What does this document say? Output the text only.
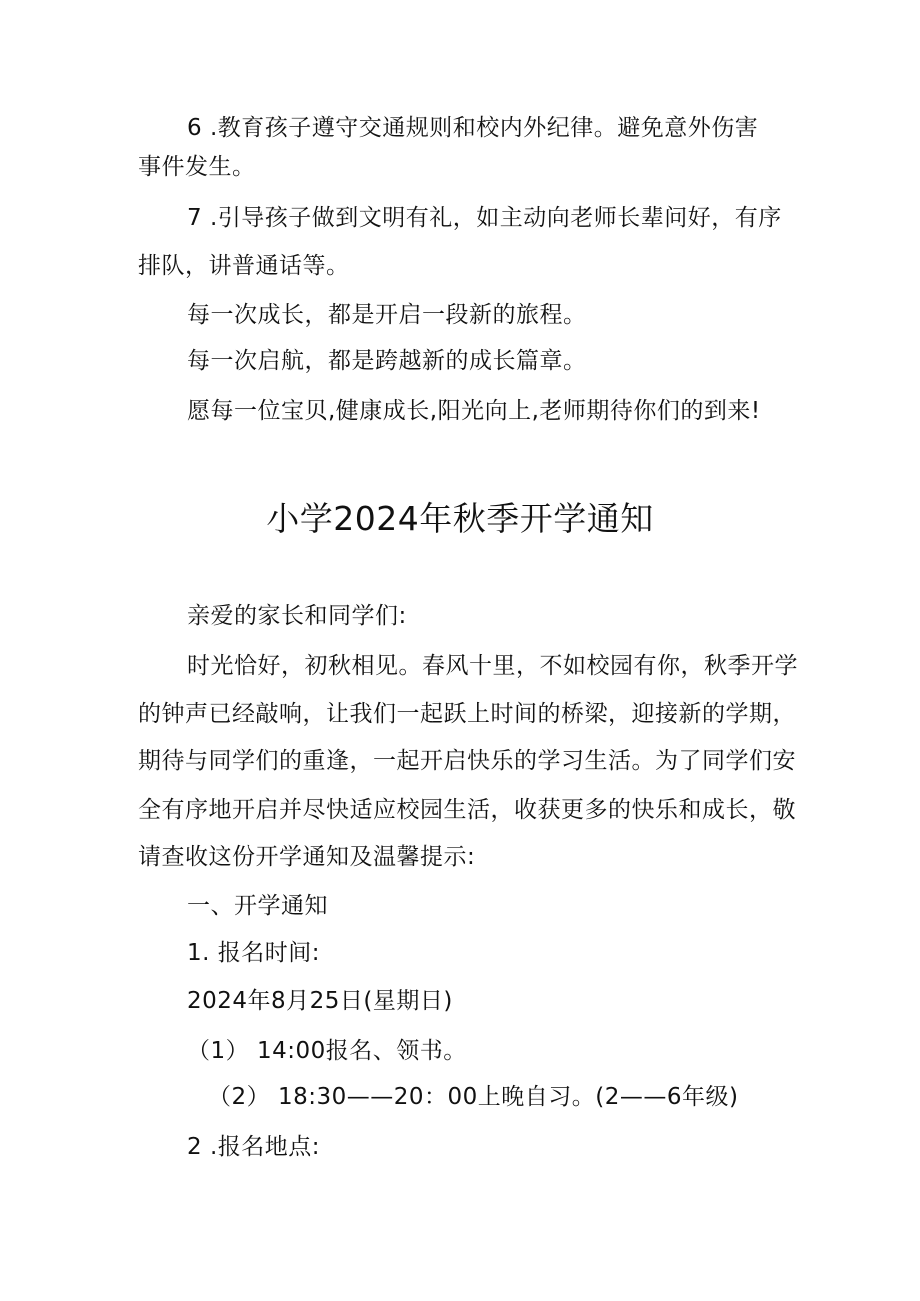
6 .教育孩子遵守交通规则和校内外纪律。避免意外伤害
事件发生。
7 .引导孩子做到文明有礼，如主动向老师长辈问好，有序
排队，讲普通话等。
每一次成长，都是开启一段新的旅程。
每一次启航，都是跨越新的成长篇章。
愿每一位宝贝,健康成长,阳光向上,老师期待你们的到来!
小学2024年秋季开学通知
亲爱的家长和同学们:
时光恰好，初秋相见。春风十里，不如校园有你，秋季开学
的钟声已经敲响，让我们一起跃上时间的桥梁，迎接新的学期，
期待与同学们的重逢，一起开启快乐的学习生活。为了同学们安
全有序地开启并尽快适应校园生活，收获更多的快乐和成长，敬
请查收这份开学通知及温馨提示:
一、开学通知
1. 报名时间:
2024年8月25日(星期日)
（1） 14:00报名、领书。
（2） 18:30——20：00上晚自习。(2——6年级)
2 .报名地点:
